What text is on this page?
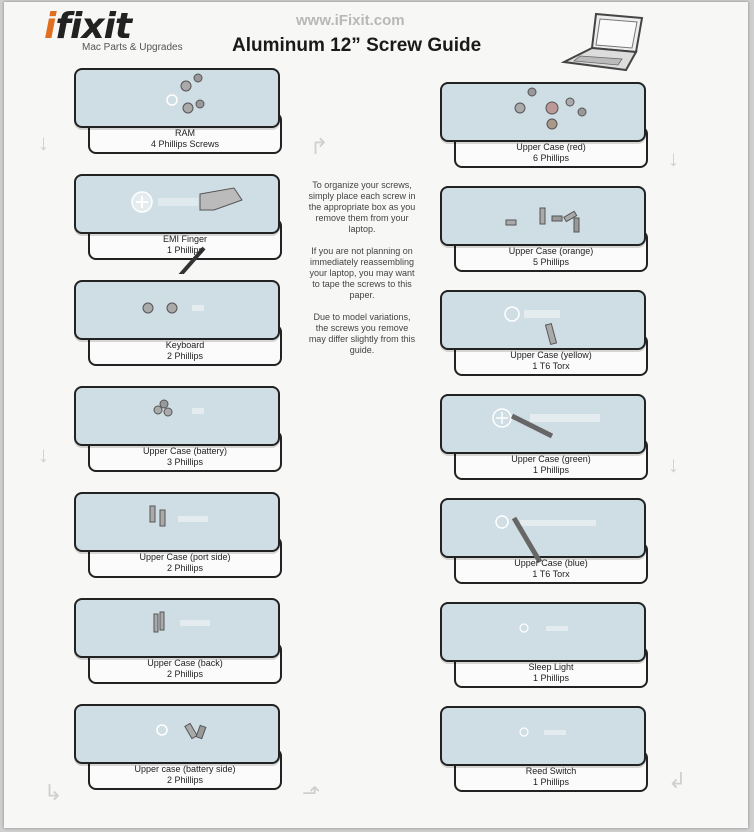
ifixit
Mac Parts & Upgrades
www.iFixit.com
Aluminum 12” Screw Guide
RAM
4 Phillips Screws
EMI Finger
1 Phillips
Keyboard
2 Phillips
Upper Case (battery)
3 Phillips
Upper Case (port side)
2 Phillips
Upper Case (back)
2 Phillips
Upper case (battery side)
2 Phillips
Upper Case (red)
6 Phillips
Upper Case (orange)
5 Phillips
Upper Case (yellow)
1 T6 Torx
Upper Case (green)
1 Phillips
Upper Case (blue)
1 T6 Torx
Sleep Light
1 Phillips
Reed Switch
1 Phillips

To organize your screws, simply place each screw in the appropriate box as you remove them from your laptop.

If you are not planning on immediately reassembling your laptop, you may want to tape the screws to this paper.

Due to model variations, the screws you remove may differ slightly from this guide.

↓
↓
↱	↓
↓
↳	⬏	↲
